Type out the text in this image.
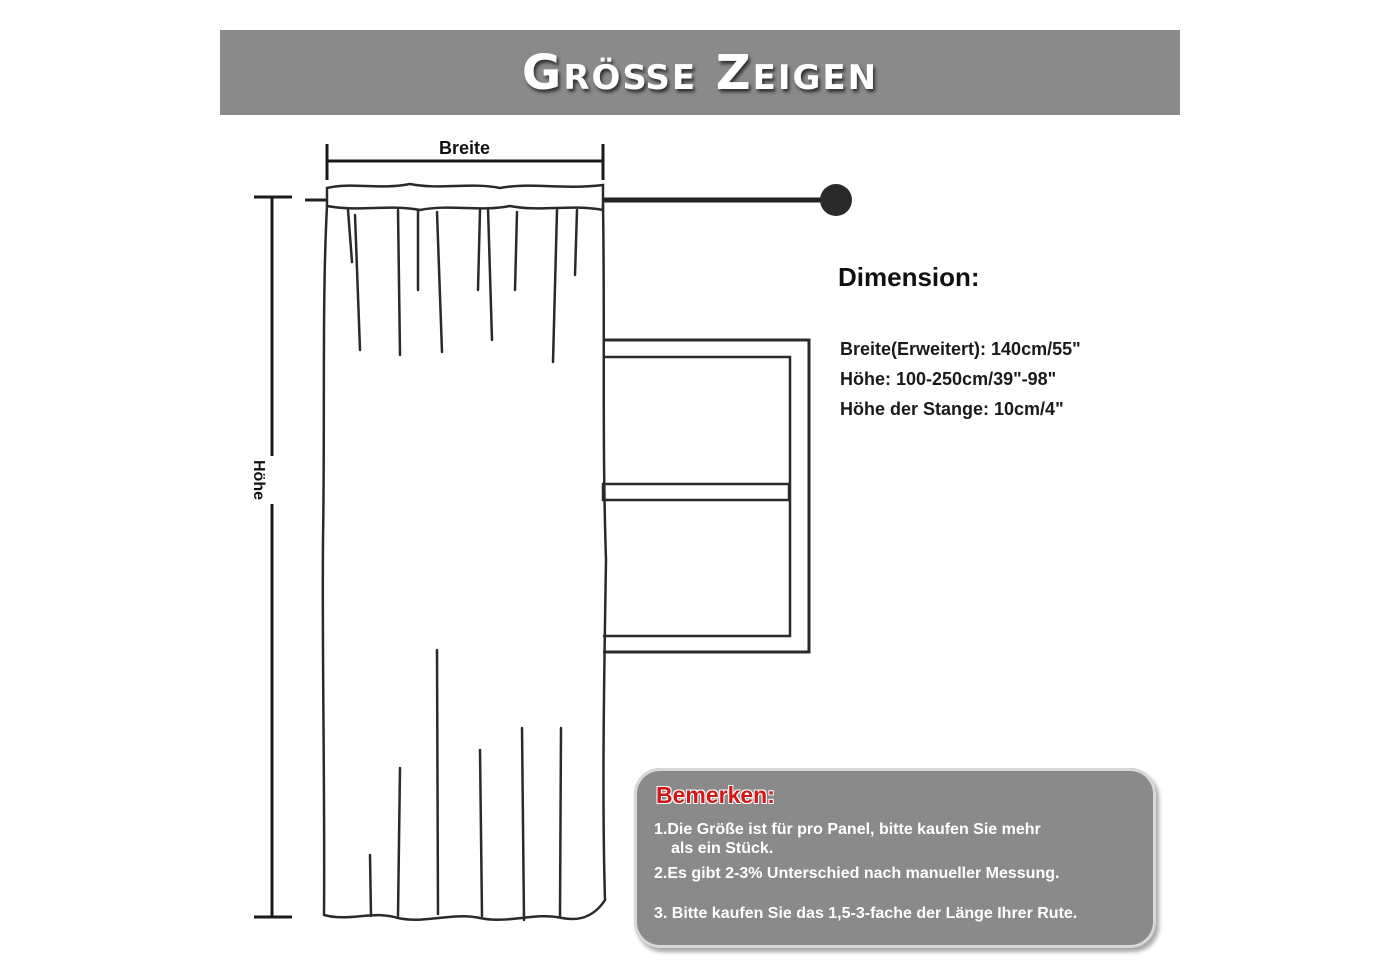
Größe Zeigen
Breite
Höhe
Dimension:
Breite(Erweitert): 140cm/55"
Höhe: 100-250cm/39"-98"
Höhe der Stange: 10cm/4"
Bemerken:
1.Die Größe ist für pro Panel, bitte kaufen Sie mehr
als ein Stück.
2.Es gibt 2-3% Unterschied nach manueller Messung.
3. Bitte kaufen Sie das 1,5-3-fache der Länge Ihrer Rute.
